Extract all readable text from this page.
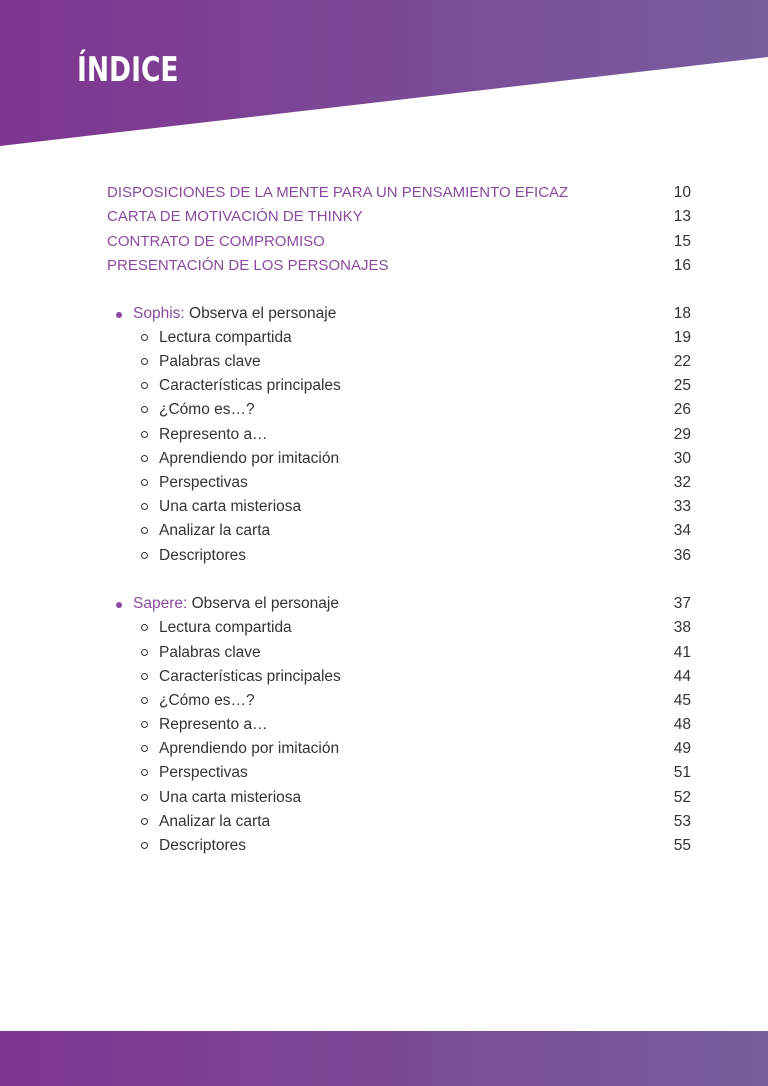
ÍNDICE
DISPOSICIONES DE LA MENTE PARA UN PENSAMIENTO EFICAZ	10
CARTA DE MOTIVACIÓN DE THINKY	13
CONTRATO DE COMPROMISO	15
PRESENTACIÓN DE LOS PERSONAJES	16
Sophis: Observa el personaje	18
Lectura compartida	19
Palabras clave	22
Características principales	25
¿Cómo es…?	26
Represento a…	29
Aprendiendo por imitación	30
Perspectivas	32
Una carta misteriosa	33
Analizar la carta	34
Descriptores	36
Sapere: Observa el personaje	37
Lectura compartida	38
Palabras clave	41
Características principales	44
¿Cómo es…?	45
Represento a…	48
Aprendiendo por imitación	49
Perspectivas	51
Una carta misteriosa	52
Analizar la carta	53
Descriptores	55
